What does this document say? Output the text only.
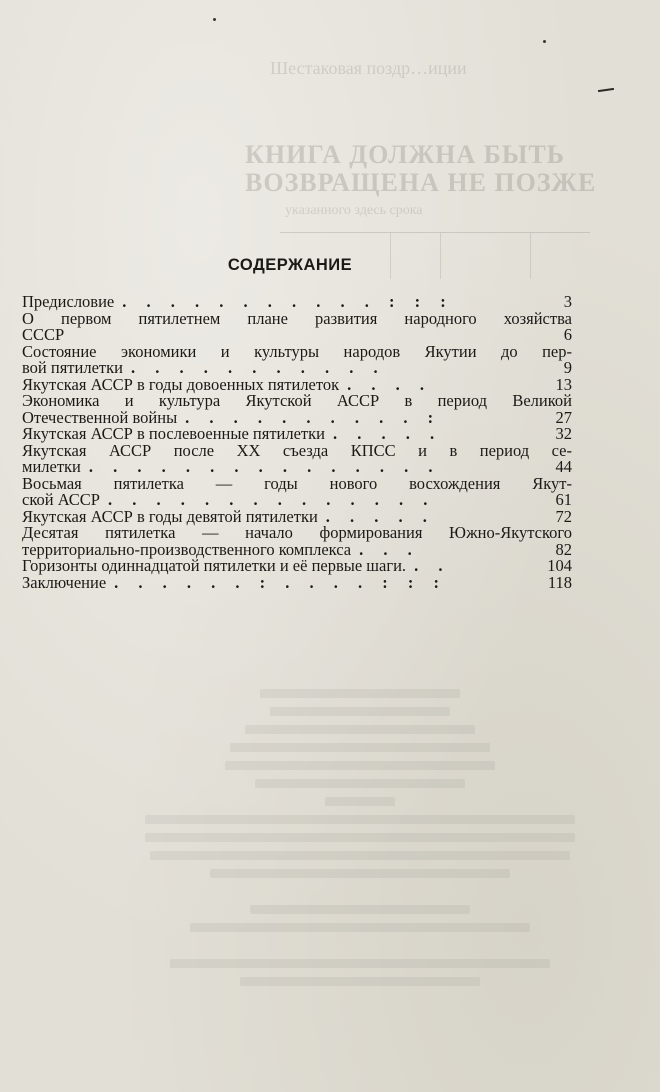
Шестаковая поздр…иции
КНИГА ДОЛЖНА БЫТЬ
ВОЗВРАЩЕНА НЕ ПОЗЖЕ
указанного здесь срока
СОДЕРЖАНИЕ
Предисловие . . . . . . . . . . . : : :	3
О первом пятилетнем плане развития народного хозяйства
СССР	6
Состояние экономики и культуры народов Якутии до пер-
вой пятилетки . . . . . . . . . . .	9
Якутская АССР в годы довоенных пятилеток . . . .	13
Экономика и культура Якутской АССР в период Великой
Отечественной войны . . . . . . . . . . :	27
Якутская АССР в послевоенные пятилетки . . . . .	32
Якутская АССР после XX съезда КПСС и в период се-
милетки . . . . . . . . . . . . . . .	44
Восьмая пятилетка — годы нового восхождения Якут-
ской АССР . . . . . . . . . . . . . .	61
Якутская АССР в годы девятой пятилетки . . . . .	72
Десятая пятилетка — начало формирования Южно-Якутского
территориально-производственного комплекса . . .	82
Горизонты одиннадцатой пятилетки и её первые шаги. . .	104
Заключение . . . . . . : . . . . : : :	118
